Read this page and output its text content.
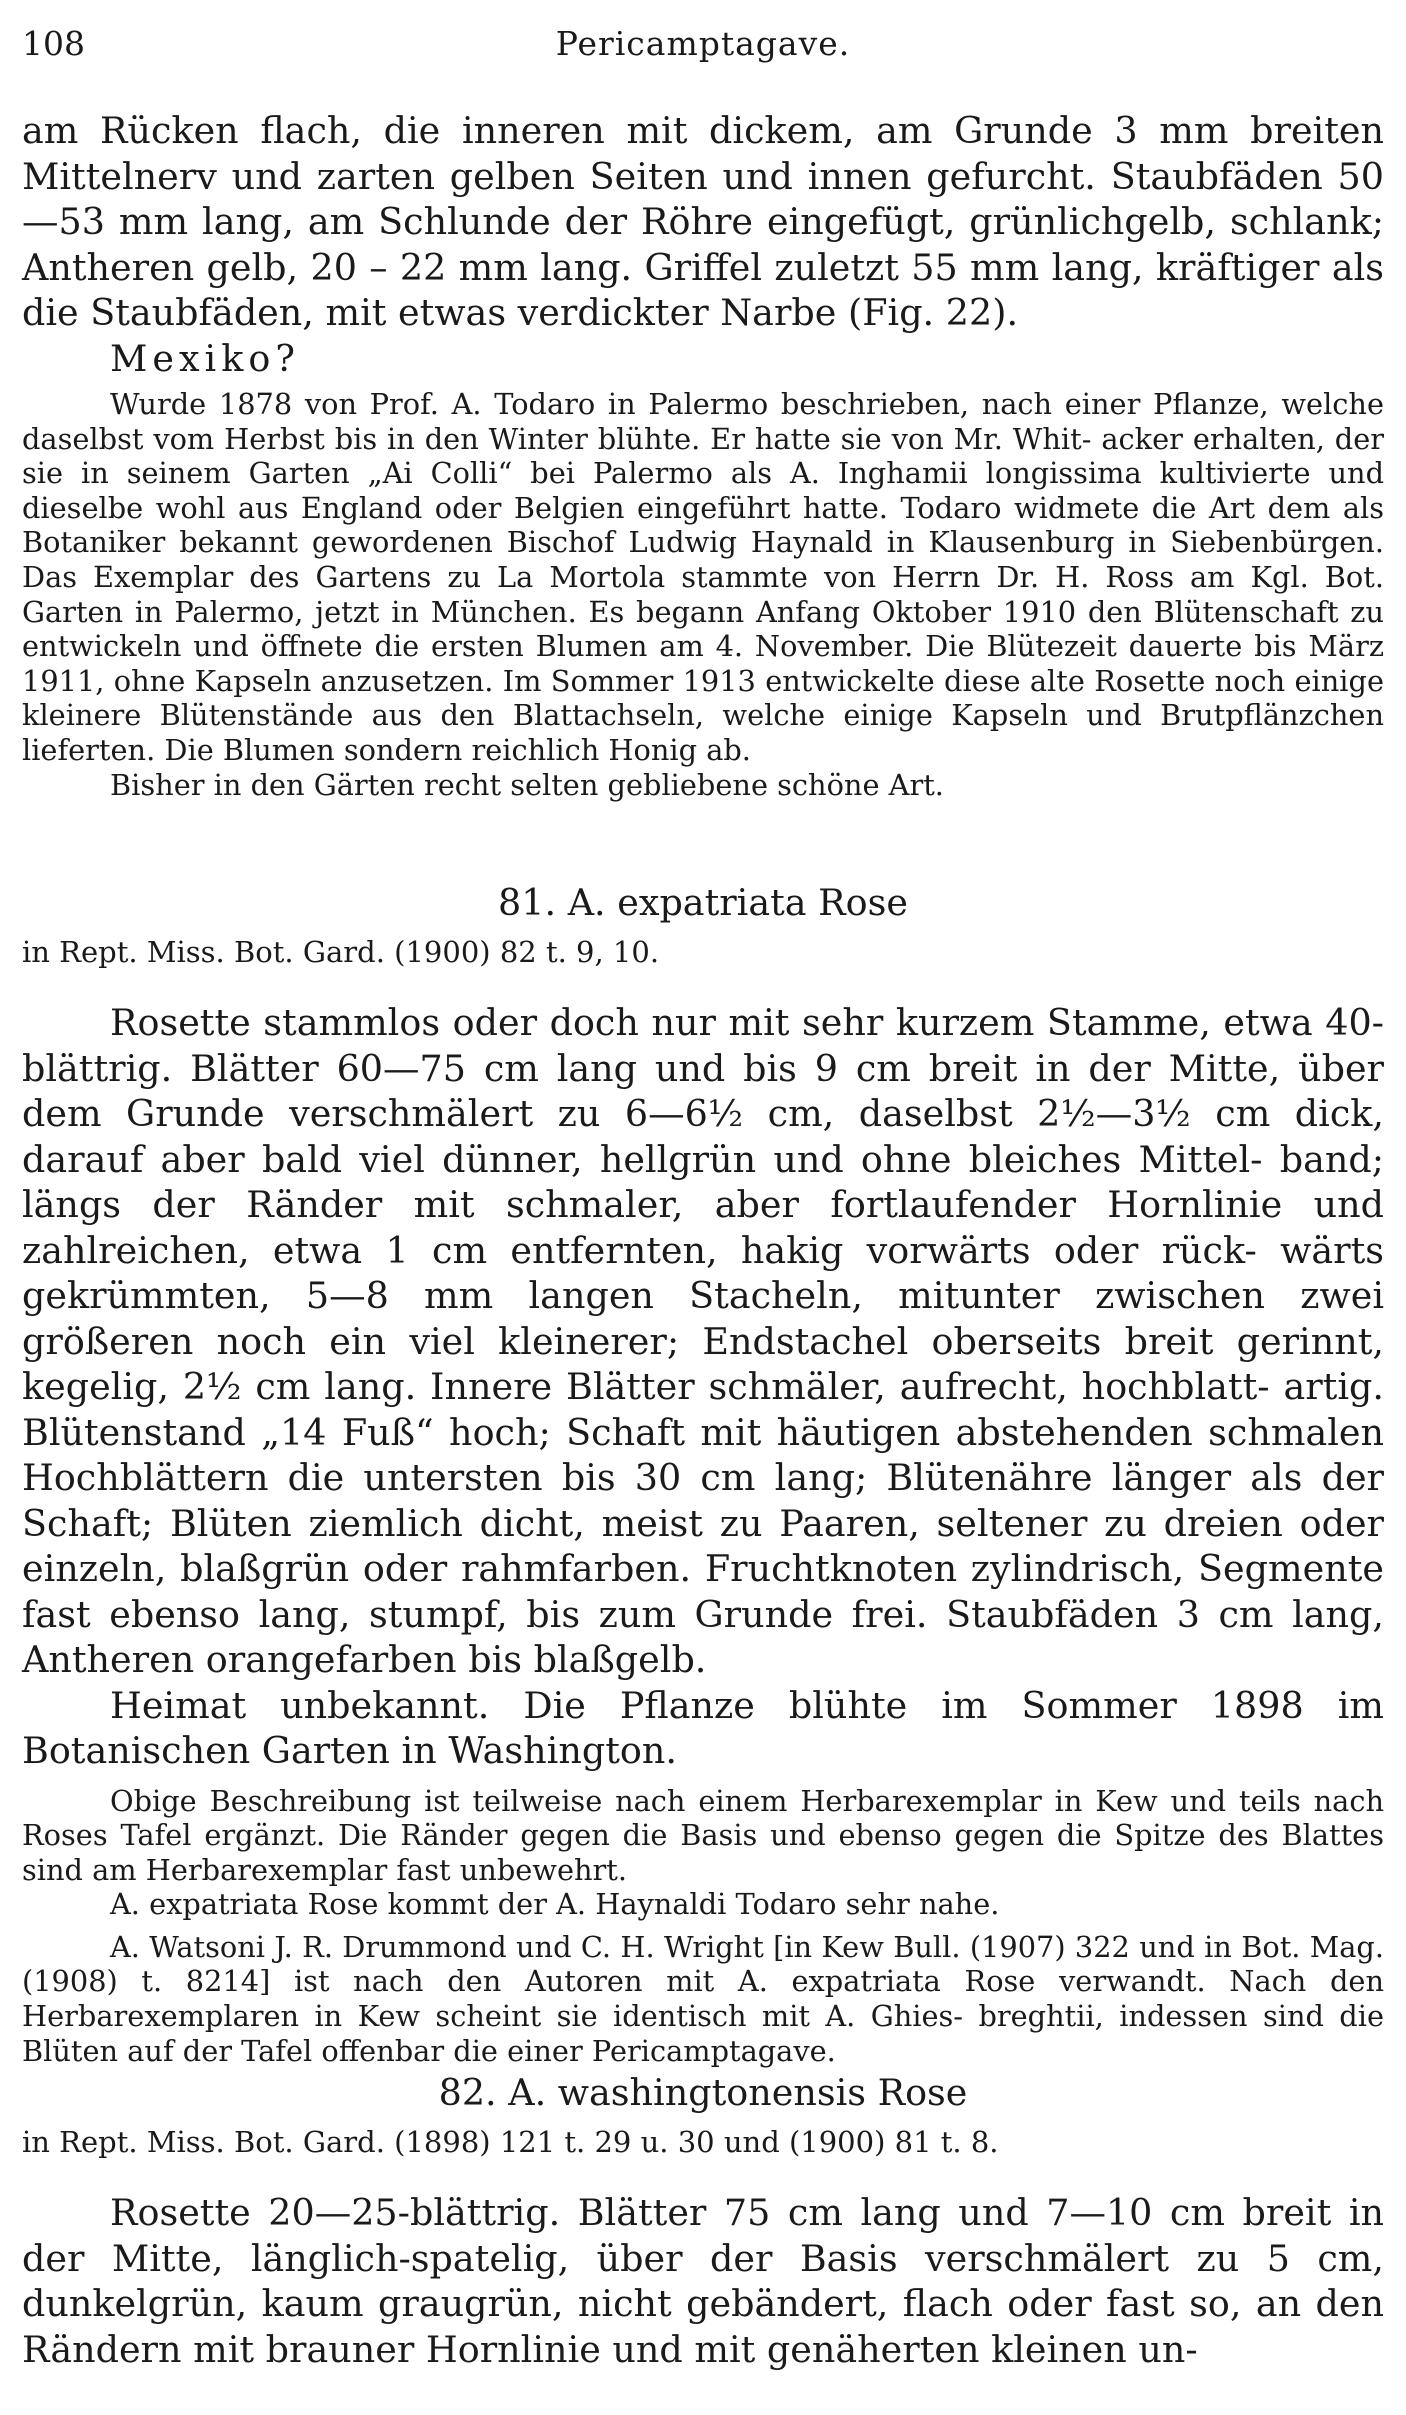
108	Pericamptagave.

am Rücken flach, die inneren mit dickem, am Grunde 3 mm breiten Mittelnerv und zarten gelben Seiten und innen gefurcht. Staubfäden 50—53 mm lang, am Schlunde der Röhre eingefügt, grünlichgelb, schlank; Antheren gelb, 20 – 22 mm lang. Griffel zuletzt 55 mm lang, kräftiger als die Staubfäden, mit etwas verdickter Narbe (Fig. 22).

Mexiko?

Wurde 1878 von Prof. A. Todaro in Palermo beschrieben, nach einer Pflanze, welche daselbst vom Herbst bis in den Winter blühte. Er hatte sie von Mr. Whit- acker erhalten, der sie in seinem Garten „Ai Colli“ bei Palermo als A. Inghamii longissima kultivierte und dieselbe wohl aus England oder Belgien eingeführt hatte. Todaro widmete die Art dem als Botaniker bekannt gewordenen Bischof Ludwig Haynald in Klausenburg in Siebenbürgen. Das Exemplar des Gartens zu La Mortola stammte von Herrn Dr. H. Ross am Kgl. Bot. Garten in Palermo, jetzt in München. Es begann Anfang Oktober 1910 den Blütenschaft zu entwickeln und öffnete die ersten Blumen am 4. November. Die Blütezeit dauerte bis März 1911, ohne Kapseln anzusetzen. Im Sommer 1913 entwickelte diese alte Rosette noch einige kleinere Blütenstände aus den Blattachseln, welche einige Kapseln und Brutpflänzchen lieferten. Die Blumen sondern reichlich Honig ab.

Bisher in den Gärten recht selten gebliebene schöne Art.

81. A. expatriata Rose

in Rept. Miss. Bot. Gard. (1900) 82 t. 9, 10.

Rosette stammlos oder doch nur mit sehr kurzem Stamme, etwa 40-blättrig. Blätter 60—75 cm lang und bis 9 cm breit in der Mitte, über dem Grunde verschmälert zu 6—6½ cm, daselbst 2½—3½ cm dick, darauf aber bald viel dünner, hellgrün und ohne bleiches Mittel- band; längs der Ränder mit schmaler, aber fortlaufender Hornlinie und zahlreichen, etwa 1 cm entfernten, hakig vorwärts oder rück- wärts gekrümmten, 5—8 mm langen Stacheln, mitunter zwischen zwei größeren noch ein viel kleinerer; Endstachel oberseits breit gerinnt, kegelig, 2½ cm lang. Innere Blätter schmäler, aufrecht, hochblatt- artig. Blütenstand „14 Fuß“ hoch; Schaft mit häutigen abstehenden schmalen Hochblättern die untersten bis 30 cm lang; Blütenähre länger als der Schaft; Blüten ziemlich dicht, meist zu Paaren, seltener zu dreien oder einzeln, blaßgrün oder rahmfarben. Fruchtknoten zylindrisch, Segmente fast ebenso lang, stumpf, bis zum Grunde frei. Staubfäden 3 cm lang, Antheren orangefarben bis blaßgelb.

Heimat unbekannt. Die Pflanze blühte im Sommer 1898 im Botanischen Garten in Washington.

Obige Beschreibung ist teilweise nach einem Herbarexemplar in Kew und teils nach Roses Tafel ergänzt. Die Ränder gegen die Basis und ebenso gegen die Spitze des Blattes sind am Herbarexemplar fast unbewehrt.

A. expatriata Rose kommt der A. Haynaldi Todaro sehr nahe.

A. Watsoni J. R. Drummond und C. H. Wright [in Kew Bull. (1907) 322 und in Bot. Mag. (1908) t. 8214] ist nach den Autoren mit A. expatriata Rose verwandt. Nach den Herbarexemplaren in Kew scheint sie identisch mit A. Ghies- breghtii, indessen sind die Blüten auf der Tafel offenbar die einer Pericamptagave.

82. A. washingtonensis Rose

in Rept. Miss. Bot. Gard. (1898) 121 t. 29 u. 30 und (1900) 81 t. 8.

Rosette 20—25-blättrig. Blätter 75 cm lang und 7—10 cm breit in der Mitte, länglich-spatelig, über der Basis verschmälert zu 5 cm, dunkelgrün, kaum graugrün, nicht gebändert, flach oder fast so, an den Rändern mit brauner Hornlinie und mit genäherten kleinen un-
